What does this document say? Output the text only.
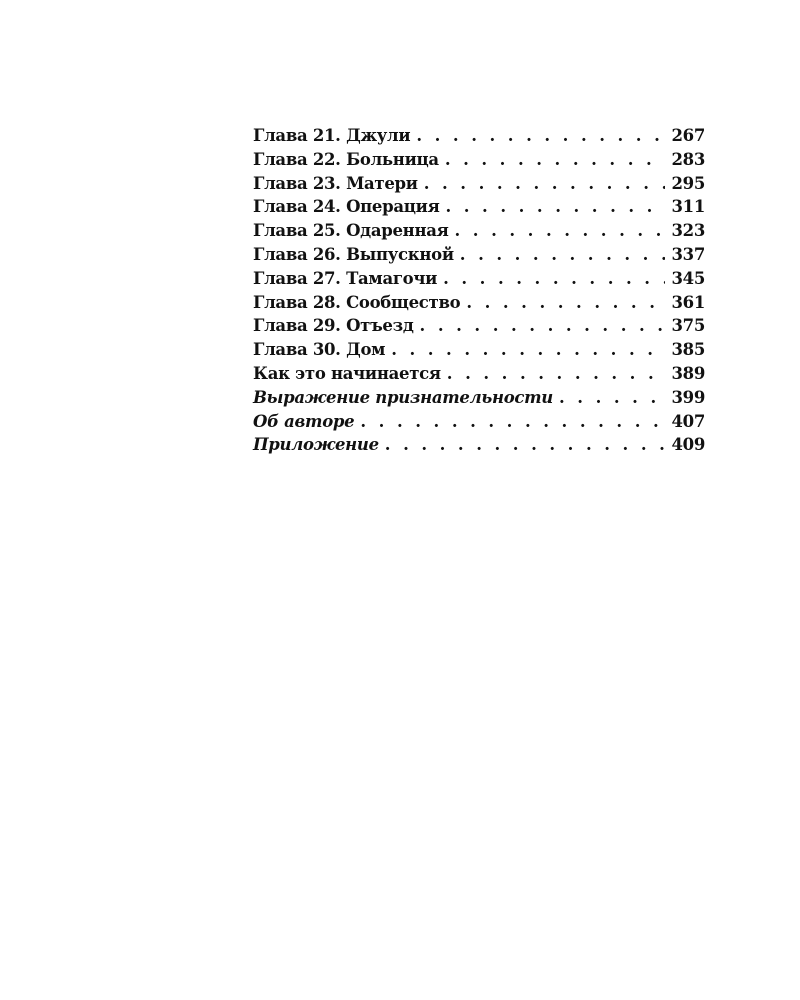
Глава 21. Джули . . .	267
Глава 22. Больница . . .	283
Глава 23. Матери . . .	295
Глава 24. Операция . . .	311
Глава 25. Одаренная . . .	323
Глава 26. Выпускной . . .	337
Глава 27. Тамагочи . . .	345
Глава 28. Сообщество . . .	361
Глава 29. Отъезд . . .	375
Глава 30. Дом . . .	385
Как это начинается . . .	389
Выражение признательности . . .	399
Об авторе . . .	407
Приложение . . .	409
